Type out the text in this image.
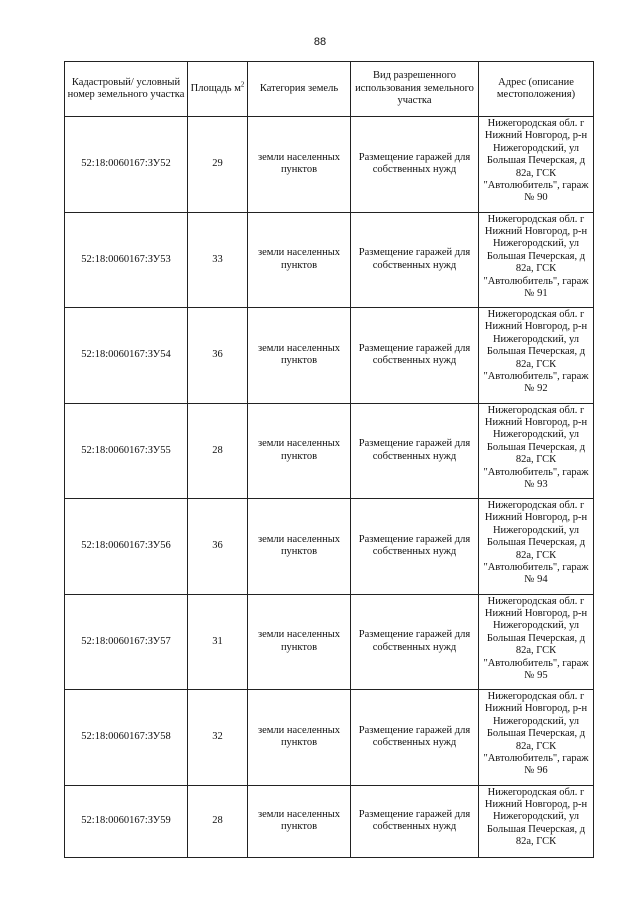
88
Кадастровый/ условный номер земельного участка	Площадь $м^2$	Категория земель	Вид разрешенного использования земельного участка	Адрес (описание местоположения)
52:18:0060167:ЗУ52	29	земли населенных пунктов	Размещение гаражей для собственных нужд	Нижегородская обл. г Нижний Новгород, р-н Нижегородский, ул Большая Печерская, д 82а, ГСК "Автолюбитель", гараж № 90
52:18:0060167:ЗУ53	33	земли населенных пунктов	Размещение гаражей для собственных нужд	Нижегородская обл. г Нижний Новгород, р-н Нижегородский, ул Большая Печерская, д 82а, ГСК "Автолюбитель", гараж № 91
52:18:0060167:ЗУ54	36	земли населенных пунктов	Размещение гаражей для собственных нужд	Нижегородская обл. г Нижний Новгород, р-н Нижегородский, ул Большая Печерская, д 82а, ГСК "Автолюбитель", гараж № 92
52:18:0060167:ЗУ55	28	земли населенных пунктов	Размещение гаражей для собственных нужд	Нижегородская обл. г Нижний Новгород, р-н Нижегородский, ул Большая Печерская, д 82а, ГСК "Автолюбитель", гараж № 93
52:18:0060167:ЗУ56	36	земли населенных пунктов	Размещение гаражей для собственных нужд	Нижегородская обл. г Нижний Новгород, р-н Нижегородский, ул Большая Печерская, д 82а, ГСК "Автолюбитель", гараж № 94
52:18:0060167:ЗУ57	31	земли населенных пунктов	Размещение гаражей для собственных нужд	Нижегородская обл. г Нижний Новгород, р-н Нижегородский, ул Большая Печерская, д 82а, ГСК "Автолюбитель", гараж № 95
52:18:0060167:ЗУ58	32	земли населенных пунктов	Размещение гаражей для собственных нужд	Нижегородская обл. г Нижний Новгород, р-н Нижегородский, ул Большая Печерская, д 82а, ГСК "Автолюбитель", гараж № 96
52:18:0060167:ЗУ59	28	земли населенных пунктов	Размещение гаражей для собственных нужд	Нижегородская обл. г Нижний Новгород, р-н Нижегородский, ул Большая Печерская, д 82а, ГСК
